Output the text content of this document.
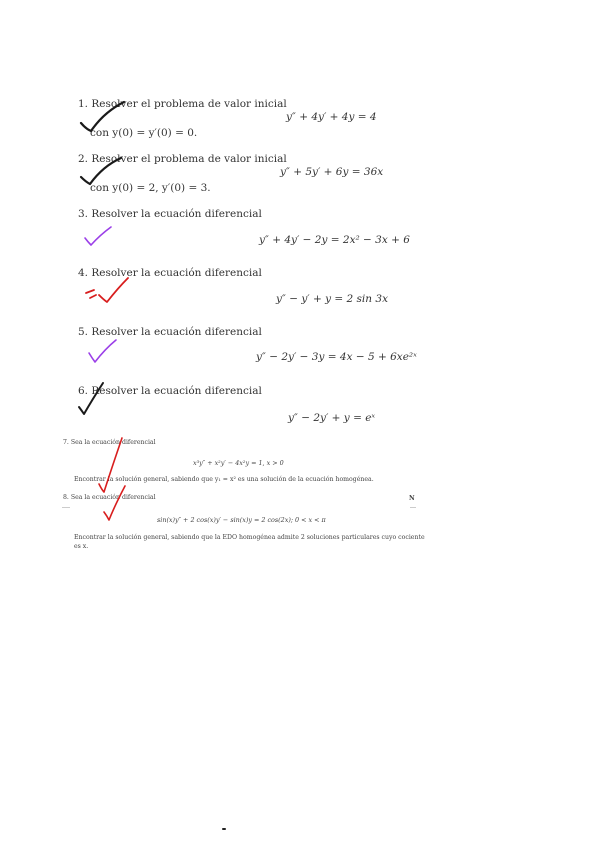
1. Resolver el problema de valor inicial
y″ + 4y′ + 4y = 4
con y(0) = y′(0) = 0.
2. Resolver el problema de valor inicial
y″ + 5y′ + 6y = 36x
con y(0) = 2, y′(0) = 3.
3. Resolver la ecuación diferencial
y″ + 4y′ − 2y = 2x² − 3x + 6
4. Resolver la ecuación diferencial
y″ − y′ + y = 2 sin 3x
5. Resolver la ecuación diferencial
y″ − 2y′ − 3y = 4x − 5 + 6xe²ˣ
6. Resolver la ecuación diferencial
y″ − 2y′ + y = eˣ
7. Sea la ecuación diferencial
x³y″ + x²y′ − 4x²y = 1, x > 0
Encontrar la solución general, sabiendo que y₁ = x² es una solución de la ecuación homogénea.
8. Sea la ecuación diferencial	N
sin(x)y″ + 2 cos(x)y′ − sin(x)y = 2 cos(2x); 0 < x < π
Encontrar la solución general, sabiendo que la EDO homogénea admite 2 soluciones particulares cuyo cociente
es x.
